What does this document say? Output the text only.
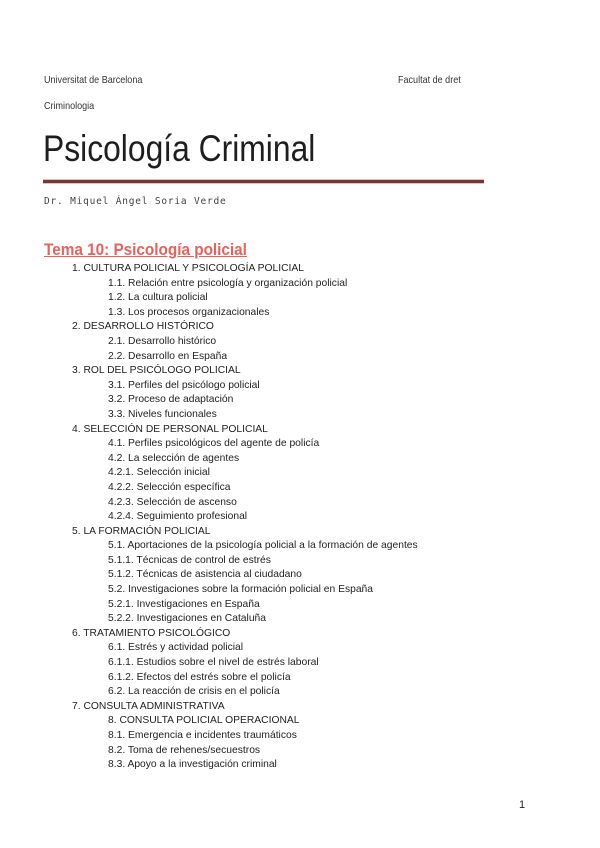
Universitat de Barcelona	Facultat de dret
Criminologia
Psicología Criminal
Dr. Miquel Ángel Soria Verde
Tema 10: Psicología policial
1. CULTURA POLICIAL Y PSICOLOGÍA POLICIAL
1.1. Relación entre psicología y organización policial
1.2. La cultura policial
1.3. Los procesos organizacionales
2. DESARROLLO HISTÓRICO
2.1. Desarrollo histórico
2.2. Desarrollo en España
3. ROL DEL PSICÓLOGO POLICIAL
3.1. Perfiles del psicólogo policial
3.2. Proceso de adaptación
3.3. Niveles funcionales
4. SELECCIÓN DE PERSONAL POLICIAL
4.1. Perfiles psicológicos del agente de policía
4.2. La selección de agentes
4.2.1. Selección inicial
4.2.2. Selección específica
4.2.3. Selección de ascenso
4.2.4. Seguimiento profesional
5. LA FORMACIÓN POLICIAL
5.1. Aportaciones de la psicología policial a la formación de agentes
5.1.1. Técnicas de control de estrés
5.1.2. Técnicas de asistencia al ciudadano
5.2. Investigaciones sobre la formación policial en España
5.2.1. Investigaciones en España
5.2.2. Investigaciones en Cataluña
6. TRATAMIENTO PSICOLÓGICO
6.1. Estrés y actividad policial
6.1.1. Estudios sobre el nivel de estrés laboral
6.1.2. Efectos del estrés sobre el policía
6.2. La reacción de crisis en el policía
7. CONSULTA ADMINISTRATIVA
8. CONSULTA POLICIAL OPERACIONAL
8.1. Emergencia e incidentes traumáticos
8.2. Toma de rehenes/secuestros
8.3. Apoyo a la investigación criminal
1
